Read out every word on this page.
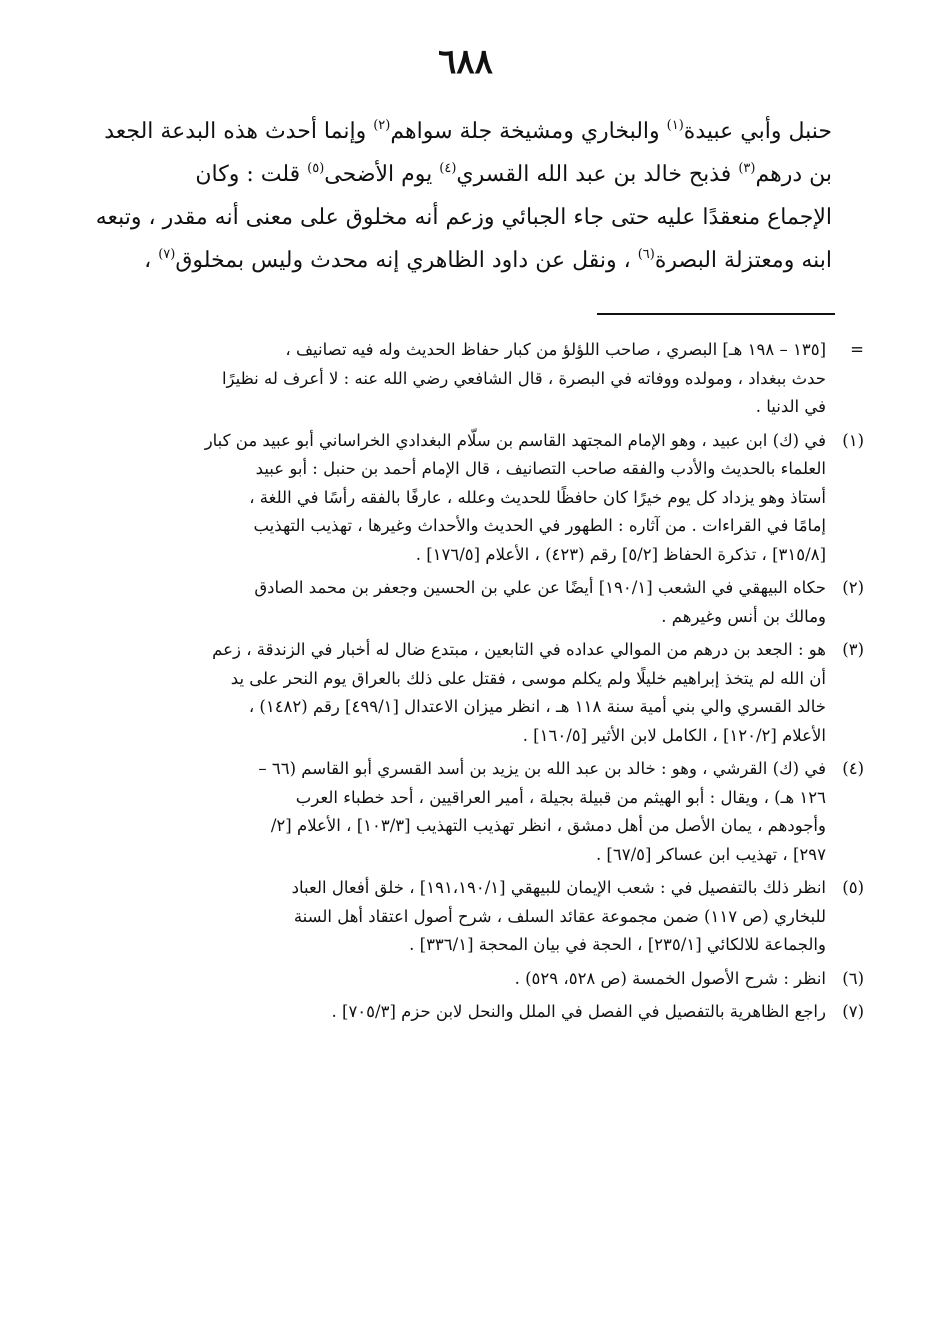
٦٨٨
حنبل وأبي عبيدة$^{(١)}$ والبخاري ومشيخة جلة سواهم$^{(٢)}$ وإنما أحدث هذه البدعة الجعد
بن درهم$^{(٣)}$ فذبح خالد بن عبد الله القسري$^{(٤)}$ يوم الأضحى$^{(٥)}$ قلت : وكان
الإجماع منعقدًا عليه حتى جاء الجبائي وزعم أنه مخلوق على معنى أنه مقدر ، وتبعه
ابنه ومعتزلة البصرة$^{(٦)}$ ، ونقل عن داود الظاهري إنه محدث وليس بمخلوق$^{(٧)}$ ،
=
[١٣٥ – ١٩٨ هـ] البصري ، صاحب اللؤلؤ من كبار حفاظ الحديث وله فيه تصانيف ،
حدث ببغداد ، ومولده ووفاته في البصرة ، قال الشافعي رضي الله عنه : لا أعرف له نظيرًا
في الدنيا .
(١)
في (ك) ابن عبيد ، وهو الإمام المجتهد القاسم بن سلّام البغدادي الخراساني أبو عبيد من كبار
العلماء بالحديث والأدب والفقه صاحب التصانيف ، قال الإمام أحمد بن حنبل : أبو عبيد
أستاذ وهو يزداد كل يوم خيرًا كان حافظًا للحديث وعلله ، عارفًا بالفقه رأسًا في اللغة ،
إمامًا في القراءات . من آثاره : الطهور في الحديث والأحداث وغيرها ، تهذيب التهذيب
[٣١٥/٨] ، تذكرة الحفاظ [٥/٢] رقم (٤٢٣) ، الأعلام [١٧٦/٥] .
(٢)
حكاه البيهقي في الشعب [١٩٠/١] أيضًا عن علي بن الحسين وجعفر بن محمد الصادق
ومالك بن أنس وغيرهم .
(٣)
هو : الجعد بن درهم من الموالي عداده في التابعين ، مبتدع ضال له أخبار في الزندقة ، زعم
أن الله لم يتخذ إبراهيم خليلًا ولم يكلم موسى ، فقتل على ذلك بالعراق يوم النحر على يد
خالد القسري والي بني أمية سنة ١١٨ هـ ، انظر ميزان الاعتدال [٤٩٩/١] رقم (١٤٨٢) ،
الأعلام [١٢٠/٢] ، الكامل لابن الأثير [١٦٠/٥] .
(٤)
في (ك) القرشي ، وهو : خالد بن عبد الله بن يزيد بن أسد القسري أبو القاسم (٦٦ –
١٢٦ هـ) ، ويقال : أبو الهيثم من قبيلة بجيلة ، أمير العراقيين ، أحد خطباء العرب
وأجودهم ، يمان الأصل من أهل دمشق ، انظر تهذيب التهذيب [١٠٣/٣] ، الأعلام [٢/
٢٩٧] ، تهذيب ابن عساكر [٦٧/٥] .
(٥)
انظر ذلك بالتفصيل في : شعب الإيمان للبيهقي [١٩١،١٩٠/١] ، خلق أفعال العباد
للبخاري (ص ١١٧) ضمن مجموعة عقائد السلف ، شرح أصول اعتقاد أهل السنة
والجماعة للالكائي [٢٣٥/١] ، الحجة في بيان المحجة [٣٣٦/١] .
(٦)
انظر : شرح الأصول الخمسة (ص ٥٢٨، ٥٢٩) .
(٧)
راجع الظاهرية بالتفصيل في الفصل في الملل والنحل لابن حزم [٧٠٥/٣] .
